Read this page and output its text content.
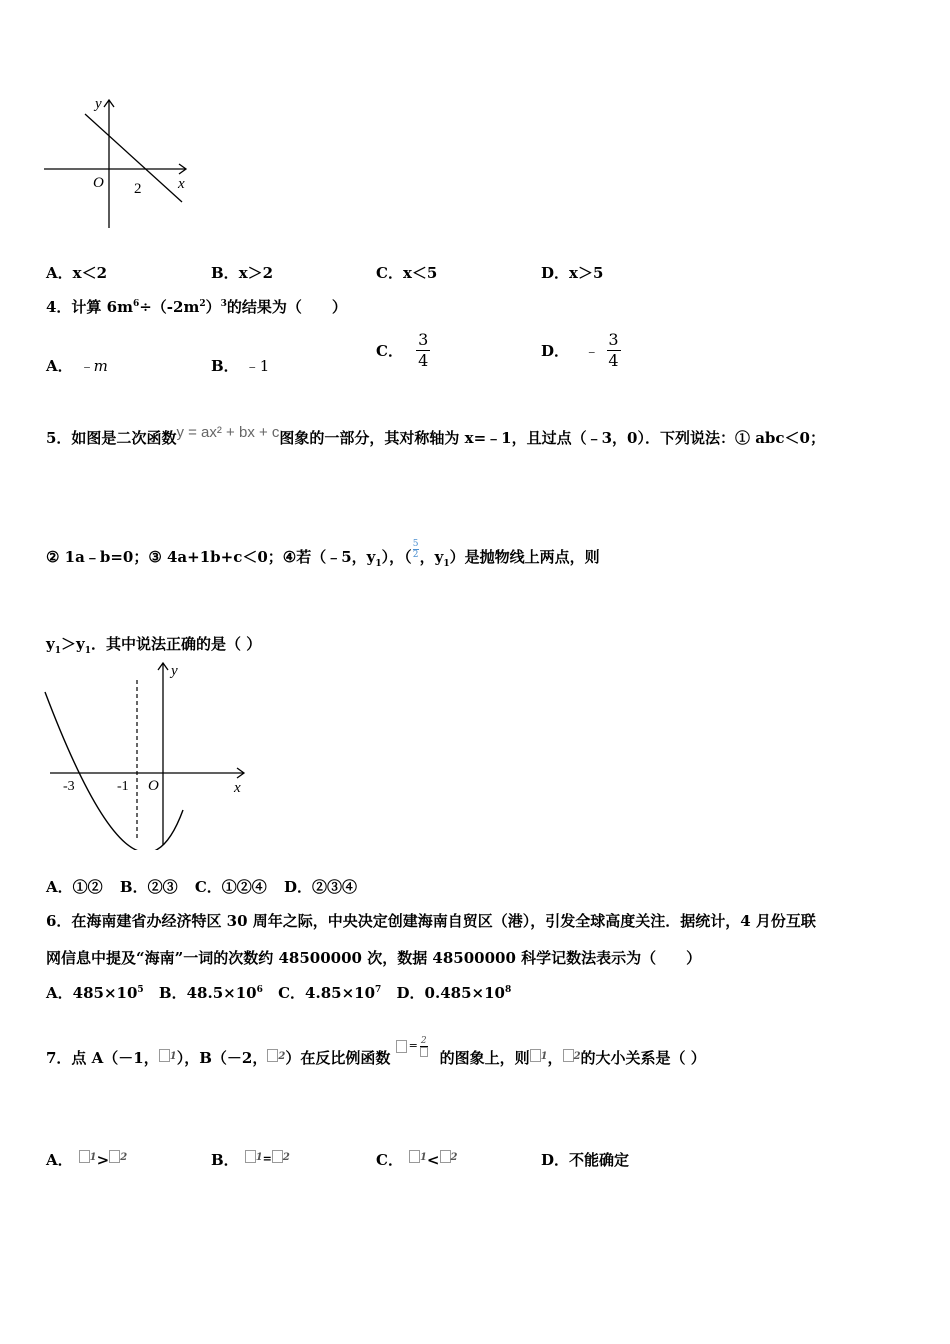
y
x
O 2
A．x＜2	B．x＞2	C．x＜5	D．x＞5
4．计算 $6m^6\div(-2m^2)^3$的结果为（　　）
A． ﹣m	B． ﹣1
C． $\frac{3}{4}$	D． ﹣ $\frac{3}{4}$
5．如图是二次函数y = ax² + bx + c图象的一部分，其对称轴为 x=﹣1，且过点（﹣3，0）．下列说法：① abc＜0；
② 1a﹣b=0；③ 4a+1b+c＜0；④若（﹣5，$y_1$），（ $\frac{5}{2}$ ，$y_1$）是抛物线上两点，则
$y_1>y_1$．其中说法正确的是（ ）
y
x
O
-3	-1
A．①② B．②③ C．①②④ D．②③④
6．在海南建省办经济特区 30 周年之际，中央决定创建海南自贸区（港），引发全球高度关注．据统计，4 月份互联
网信息中提及“海南”一词的次数约 48500000 次，数据 48500000 科学记数法表示为（　　）
A．$485\times 10^5$ B．$48.5\times 10^6$ C．$4.85\times 10^7$ D．$0.485\times 10^8$
7．点 A（－1， $^1$），B（－2， $^2$）在反比例函数 = 2
的图象上，则 $^1$， $^2$的大小关系是（ ）
A． $^1$> $^2$	B． $^{1=}$ $^2$	C． $^1$< $^2$	D．不能确定
